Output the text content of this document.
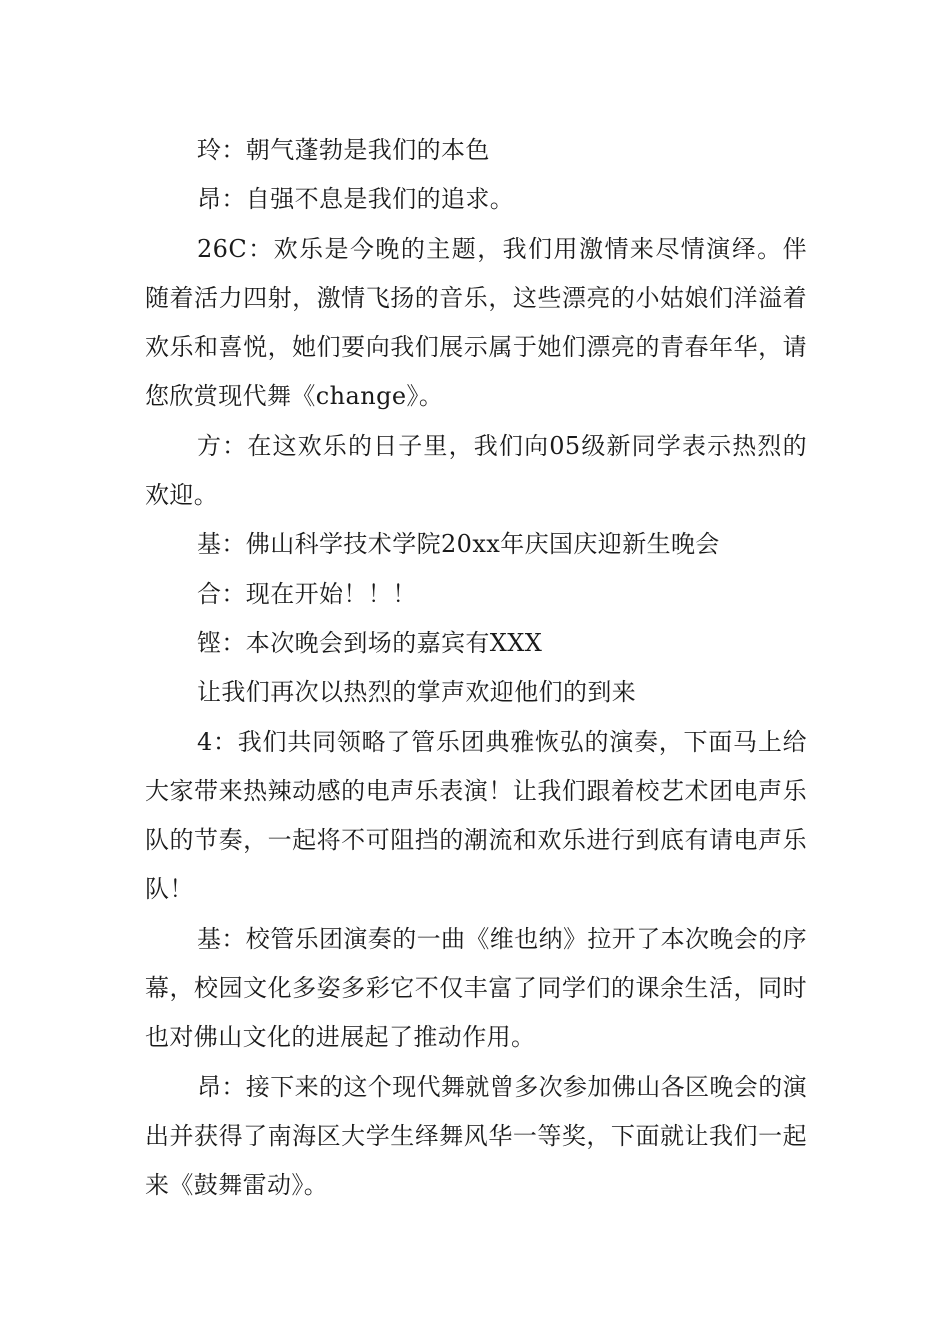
玲：朝气蓬勃是我们的本色

昂：自强不息是我们的追求。

26C：欢乐是今晚的主题，我们用激情来尽情演绎。伴随着活力四射，激情飞扬的音乐，这些漂亮的小姑娘们洋溢着欢乐和喜悦，她们要向我们展示属于她们漂亮的青春年华，请您欣赏现代舞《change》。

方：在这欢乐的日子里，我们向05级新同学表示热烈的欢迎。

基：佛山科学技术学院20xx年庆国庆迎新生晚会

合：现在开始！！！

铿：本次晚会到场的嘉宾有XXX

让我们再次以热烈的掌声欢迎他们的到来

4：我们共同领略了管乐团典雅恢弘的演奏，下面马上给大家带来热辣动感的电声乐表演！让我们跟着校艺术团电声乐队的节奏，一起将不可阻挡的潮流和欢乐进行到底有请电声乐队！

基：校管乐团演奏的一曲《维也纳》拉开了本次晚会的序幕，校园文化多姿多彩它不仅丰富了同学们的课余生活，同时也对佛山文化的进展起了推动作用。

昂：接下来的这个现代舞就曾多次参加佛山各区晚会的演出并获得了南海区大学生绎舞风华一等奖，下面就让我们一起来《鼓舞雷动》。
